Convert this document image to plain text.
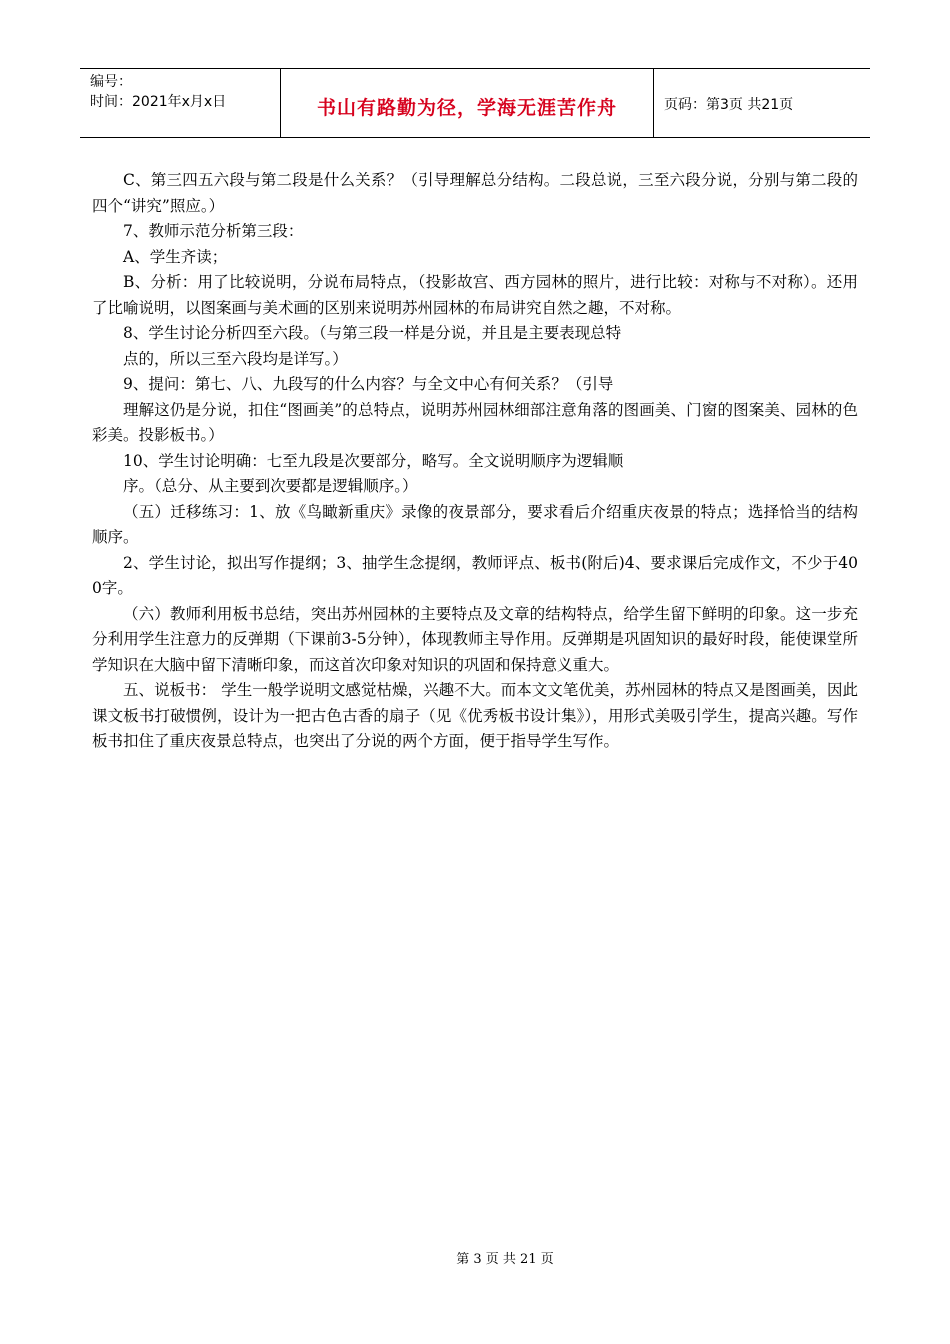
编号：
时间：2021年x月x日	书山有路勤为径，学海无涯苦作舟	页码：第3页 共21页

C、第三四五六段与第二段是什么关系？（引导理解总分结构。二段总说，三至六段分说，分别与第二段的四个“讲究”照应。）

7、教师示范分析第三段：

A、学生齐读；

B、分析：用了比较说明，分说布局特点，（投影故宫、西方园林的照片，进行比较：对称与不对称）。还用了比喻说明，以图案画与美术画的区别来说明苏州园林的布局讲究自然之趣，不对称。

8、学生讨论分析四至六段。（与第三段一样是分说，并且是主要表现总特

点的，所以三至六段均是详写。）

9、提问：第七、八、九段写的什么内容？与全文中心有何关系？（引导

理解这仍是分说，扣住“图画美”的总特点，说明苏州园林细部注意角落的图画美、门窗的图案美、园林的色彩美。投影板书。）

10、学生讨论明确：七至九段是次要部分，略写。全文说明顺序为逻辑顺

序。（总分、从主要到次要都是逻辑顺序。）

（五）迁移练习：1、放《鸟瞰新重庆》录像的夜景部分，要求看后介绍重庆夜景的特点；选择恰当的结构顺序。

2、学生讨论，拟出写作提纲；3、抽学生念提纲，教师评点、板书(附后)4、要求课后完成作文，不少于400字。

（六）教师利用板书总结，突出苏州园林的主要特点及文章的结构特点，给学生留下鲜明的印象。这一步充分利用学生注意力的反弹期（下课前3-5分钟），体现教师主导作用。反弹期是巩固知识的最好时段，能使课堂所学知识在大脑中留下清晰印象，而这首次印象对知识的巩固和保持意义重大。

五、说板书： 学生一般学说明文感觉枯燥，兴趣不大。而本文文笔优美，苏州园林的特点又是图画美，因此课文板书打破惯例，设计为一把古色古香的扇子（见《优秀板书设计集》），用形式美吸引学生，提高兴趣。写作板书扣住了重庆夜景总特点，也突出了分说的两个方面，便于指导学生写作。

第 3 页 共 21 页
